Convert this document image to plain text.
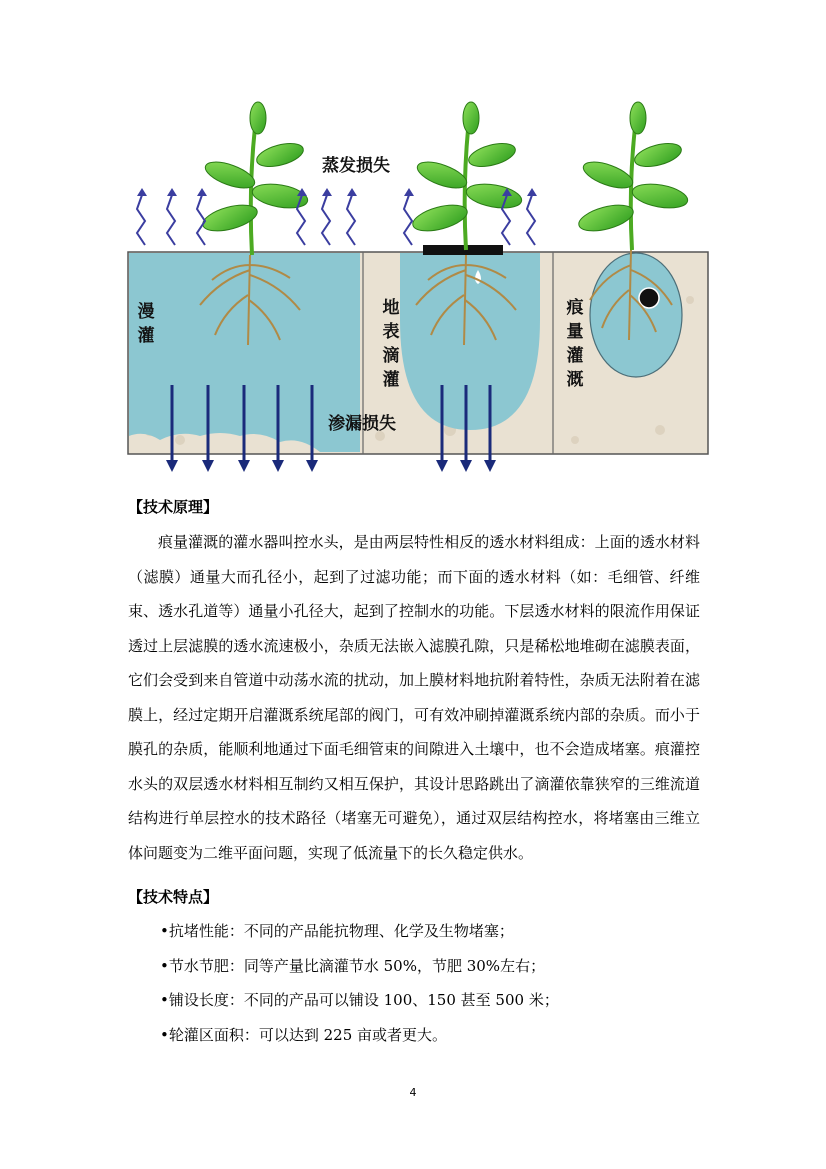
蒸发损失
漫灌
地表滴灌
痕量灌溉
渗漏损失
【技术原理】

痕量灌溉的灌水器叫控水头，是由两层特性相反的透水材料组成：上面的透水材料（滤膜）通量大而孔径小，起到了过滤功能；而下面的透水材料（如：毛细管、纤维束、透水孔道等）通量小孔径大，起到了控制水的功能。下层透水材料的限流作用保证透过上层滤膜的透水流速极小，杂质无法嵌入滤膜孔隙，只是稀松地堆砌在滤膜表面，它们会受到来自管道中动荡水流的扰动，加上膜材料地抗附着特性，杂质无法附着在滤膜上，经过定期开启灌溉系统尾部的阀门，可有效冲刷掉灌溉系统内部的杂质。而小于膜孔的杂质，能顺利地通过下面毛细管束的间隙进入土壤中，也不会造成堵塞。痕灌控水头的双层透水材料相互制约又相互保护，其设计思路跳出了滴灌依靠狭窄的三维流道结构进行单层控水的技术路径（堵塞无可避免），通过双层结构控水，将堵塞由三维立体问题变为二维平面问题，实现了低流量下的长久稳定供水。

【技术特点】
•抗堵性能：不同的产品能抗物理、化学及生物堵塞；
•节水节肥：同等产量比滴灌节水 50%，节肥 30%左右；
•铺设长度：不同的产品可以铺设 100、150 甚至 500 米；
•轮灌区面积：可以达到 225 亩或者更大。
4
